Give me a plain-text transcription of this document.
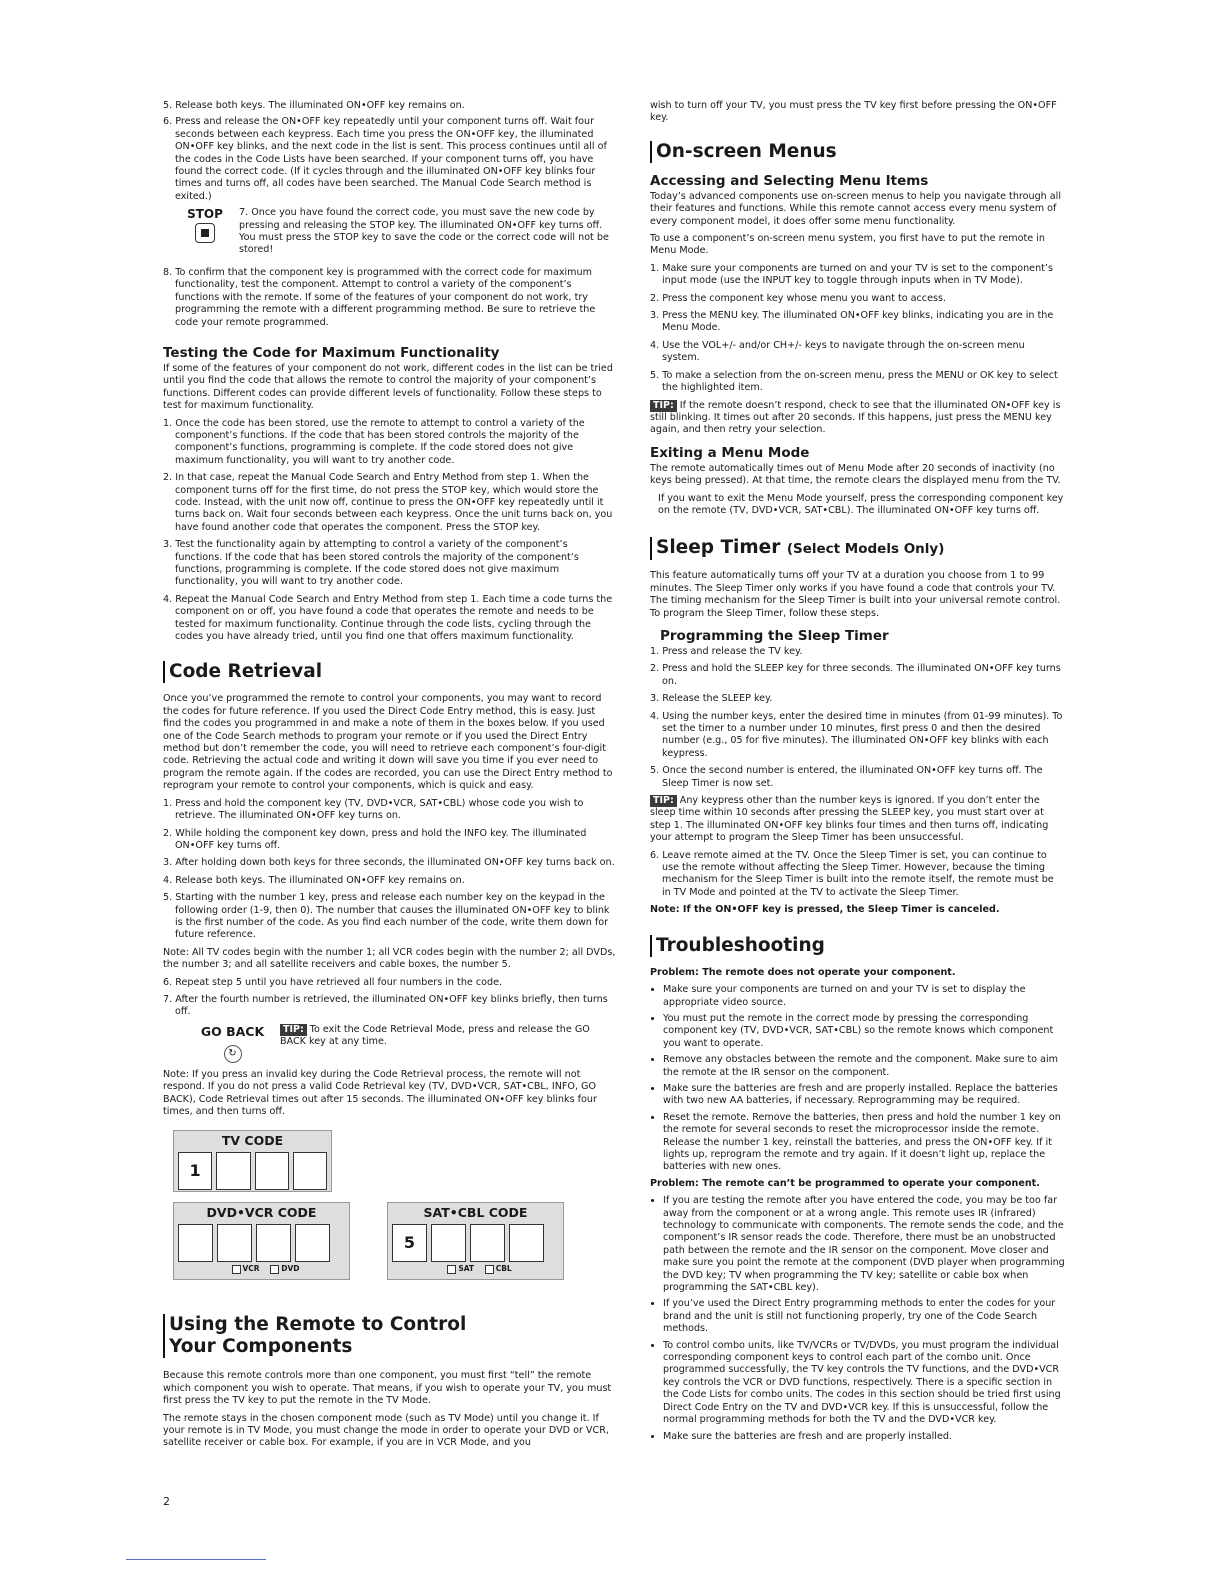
5. Release both keys. The illuminated ON•OFF key remains on.
6. Press and release the ON•OFF key repeatedly until your component turns off. Wait four seconds between each keypress. Each time you press the ON•OFF key, the illuminated ON•OFF key blinks, and the next code in the list is sent. This process continues until all of the codes in the Code Lists have been searched. If your component turns off, you have found the correct code. (If it cycles through and the illuminated ON•OFF key blinks four times and turns off, all codes have been searched. The Manual Code Search method is exited.)
STOP	7. Once you have found the correct code, you must save the new code by pressing and releasing the STOP key. The illuminated ON•OFF key turns off. You must press the STOP key to save the code or the correct code will not be stored!

8. To confirm that the component key is programmed with the correct code for maximum functionality, test the component. Attempt to control a variety of the component’s functions with the remote. If some of the features of your component do not work, try programming the remote with a different programming method. Be sure to retrieve the code your remote programmed.

Testing the Code for Maximum Functionality

If some of the features of your component do not work, different codes in the list can be tried until you find the code that allows the remote to control the majority of your component’s functions. Different codes can provide different levels of functionality. Follow these steps to test for maximum functionality.

1. Once the code has been stored, use the remote to attempt to control a variety of the component’s functions. If the code that has been stored controls the majority of the component’s functions, programming is complete. If the code stored does not give maximum functionality, you will want to try another code.

2. In that case, repeat the Manual Code Search and Entry Method from step 1. When the component turns off for the first time, do not press the STOP key, which would store the code. Instead, with the unit now off, continue to press the ON•OFF key repeatedly until it turns back on. Wait four seconds between each keypress. Once the unit turns back on, you have found another code that operates the component. Press the STOP key.

3. Test the functionality again by attempting to control a variety of the component’s functions. If the code that has been stored controls the majority of the component’s functions, programming is complete. If the code stored does not give maximum functionality, you will want to try another code.

4. Repeat the Manual Code Search and Entry Method from step 1. Each time a code turns the component on or off, you have found a code that operates the remote and needs to be tested for maximum functionality. Continue through the code lists, cycling through the codes you have already tried, until you find one that offers maximum functionality.

Code Retrieval

Once you’ve programmed the remote to control your components, you may want to record the codes for future reference. If you used the Direct Code Entry method, this is easy. Just find the codes you programmed in and make a note of them in the boxes below. If you used one of the Code Search methods to program your remote or if you used the Direct Entry method but don’t remember the code, you will need to retrieve each component’s four-digit code. Retrieving the actual code and writing it down will save you time if you ever need to program the remote again. If the codes are recorded, you can use the Direct Entry method to reprogram your remote to control your components, which is quick and easy.

1. Press and hold the component key (TV, DVD•VCR, SAT•CBL) whose code you wish to retrieve. The illuminated ON•OFF key turns on.

2. While holding the component key down, press and hold the INFO key. The illuminated ON•OFF key turns off.

3. After holding down both keys for three seconds, the illuminated ON•OFF key turns back on.

4. Release both keys. The illuminated ON•OFF key remains on.

5. Starting with the number 1 key, press and release each number key on the keypad in the following order (1-9, then 0). The number that causes the illuminated ON•OFF key to blink is the first number of the code. As you find each number of the code, write them down for future reference.

Note: All TV codes begin with the number 1; all VCR codes begin with the number 2; all DVDs, the number 3; and all satellite receivers and cable boxes, the number 5.

6. Repeat step 5 until you have retrieved all four numbers in the code.

7. After the fourth number is retrieved, the illuminated ON•OFF key blinks briefly, then turns off.

GO BACK
↻

TIP: To exit the Code Retrieval Mode, press and release the GO BACK key at any time.

Note: If you press an invalid key during the Code Retrieval process, the remote will not respond. If you do not press a valid Code Retrieval key (TV, DVD•VCR, SAT•CBL, INFO, GO BACK), Code Retrieval times out after 15 seconds. The illuminated ON•OFF key blinks four times, and then turns off.

TV CODE
1
DVD•VCR CODE
VCR	DVD
SAT•CBL CODE
5
SAT	CBL
Using the Remote to Control
Your Components

Because this remote controls more than one component, you must first “tell” the remote which component you wish to operate. That means, if you wish to operate your TV, you must first press the TV key to put the remote in the TV Mode.

The remote stays in the chosen component mode (such as TV Mode) until you change it. If your remote is in TV Mode, you must change the mode in order to operate your DVD or VCR, satellite receiver or cable box. For example, if you are in VCR Mode, and you

2

wish to turn off your TV, you must press the TV key first before pressing the ON•OFF key.

On-screen Menus
Accessing and Selecting Menu Items

Today’s advanced components use on-screen menus to help you navigate through all their features and functions. While this remote cannot access every menu system of every component model, it does offer some menu functionality.

To use a component’s on-screen menu system, you first have to put the remote in Menu Mode.

1. Make sure your components are turned on and your TV is set to the component’s input mode (use the INPUT key to toggle through inputs when in TV Mode).

2. Press the component key whose menu you want to access.

3. Press the MENU key. The illuminated ON•OFF key blinks, indicating you are in the Menu Mode.

4. Use the VOL+/- and/or CH+/- keys to navigate through the on-screen menu system.

5. To make a selection from the on-screen menu, press the MENU or OK key to select the highlighted item.

TIP: If the remote doesn’t respond, check to see that the illuminated ON•OFF key is still blinking. It times out after 20 seconds. If this happens, just press the MENU key again, and then retry your selection.

Exiting a Menu Mode

The remote automatically times out of Menu Mode after 20 seconds of inactivity (no keys being pressed). At that time, the remote clears the displayed menu from the TV.

If you want to exit the Menu Mode yourself, press the corresponding component key on the remote (TV, DVD•VCR, SAT•CBL). The illuminated ON•OFF key turns off.

Sleep Timer (Select Models Only)

This feature automatically turns off your TV at a duration you choose from 1 to 99 minutes. The Sleep Timer only works if you have found a code that controls your TV. The timing mechanism for the Sleep Timer is built into your universal remote control. To program the Sleep Timer, follow these steps.

Programming the Sleep Timer

1. Press and release the TV key.

2. Press and hold the SLEEP key for three seconds. The illuminated ON•OFF key turns on.

3. Release the SLEEP key.

4. Using the number keys, enter the desired time in minutes (from 01-99 minutes). To set the timer to a number under 10 minutes, first press 0 and then the desired number (e.g., 05 for five minutes). The illuminated ON•OFF key blinks with each keypress.

5. Once the second number is entered, the illuminated ON•OFF key turns off. The Sleep Timer is now set.

TIP: Any keypress other than the number keys is ignored. If you don’t enter the sleep time within 10 seconds after pressing the SLEEP key, you must start over at step 1. The illuminated ON•OFF key blinks four times and then turns off, indicating your attempt to program the Sleep Timer has been unsuccessful.

6. Leave remote aimed at the TV. Once the Sleep Timer is set, you can continue to use the remote without affecting the Sleep Timer. However, because the timing mechanism for the Sleep Timer is built into the remote itself, the remote must be in TV Mode and pointed at the TV to activate the Sleep Timer.

Note: If the ON•OFF key is pressed, the Sleep Timer is canceled.

Troubleshooting

Problem: The remote does not operate your component.

• Make sure your components are turned on and your TV is set to display the appropriate video source.
• You must put the remote in the correct mode by pressing the corresponding component key (TV, DVD•VCR, SAT•CBL) so the remote knows which component you want to operate.
• Remove any obstacles between the remote and the component. Make sure to aim the remote at the IR sensor on the component.
• Make sure the batteries are fresh and are properly installed. Replace the batteries with two new AA batteries, if necessary. Reprogramming may be required.
• Reset the remote. Remove the batteries, then press and hold the number 1 key on the remote for several seconds to reset the microprocessor inside the remote. Release the number 1 key, reinstall the batteries, and press the ON•OFF key. If it lights up, reprogram the remote and try again. If it doesn’t light up, replace the batteries with new ones.

Problem: The remote can’t be programmed to operate your component.

• If you are testing the remote after you have entered the code, you may be too far away from the component or at a wrong angle. This remote uses IR (infrared) technology to communicate with components. The remote sends the code, and the component’s IR sensor reads the code. Therefore, there must be an unobstructed path between the remote and the IR sensor on the component. Move closer and make sure you point the remote at the component (DVD player when programming the DVD key; TV when programming the TV key; satellite or cable box when programming the SAT•CBL key).
• If you’ve used the Direct Entry programming methods to enter the codes for your brand and the unit is still not functioning properly, try one of the Code Search methods.
• To control combo units, like TV/VCRs or TV/DVDs, you must program the individual corresponding component keys to control each part of the combo unit. Once programmed successfully, the TV key controls the TV functions, and the DVD•VCR key controls the VCR or DVD functions, respectively. There is a specific section in the Code Lists for combo units. The codes in this section should be tried first using Direct Code Entry on the TV and DVD•VCR key. If this is unsuccessful, follow the normal programming methods for both the TV and the DVD•VCR key.
• Make sure the batteries are fresh and are properly installed.
